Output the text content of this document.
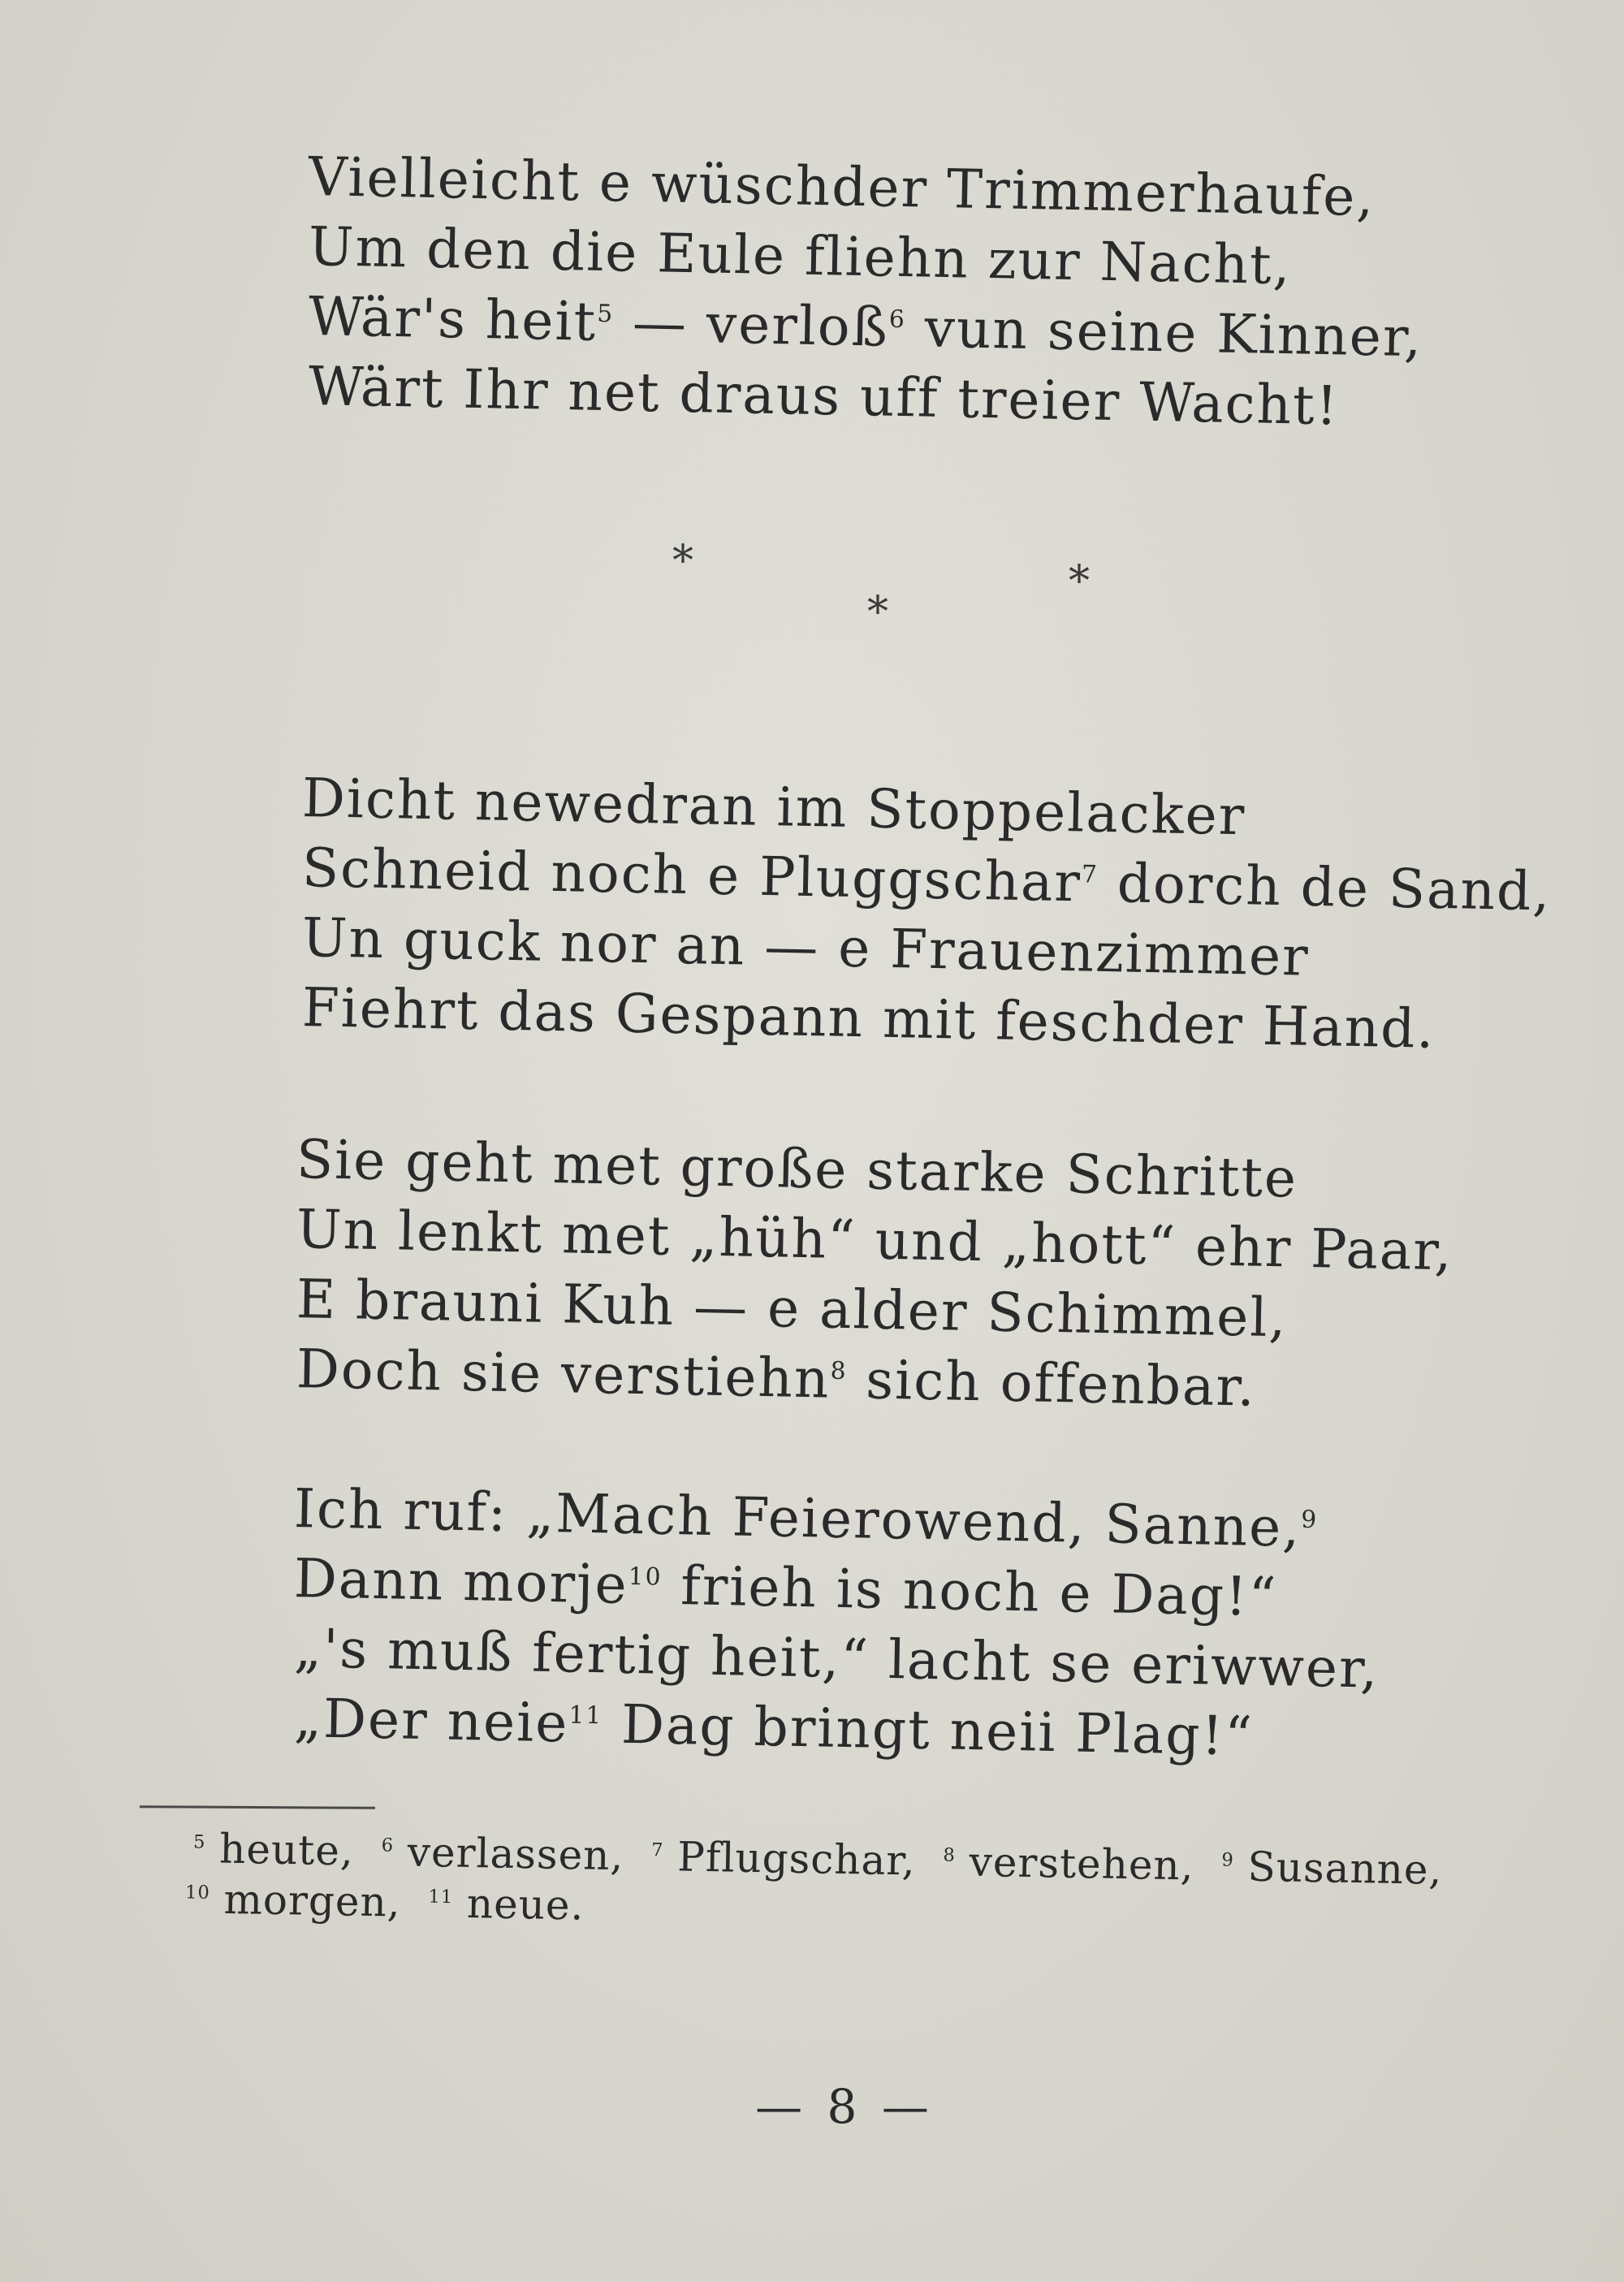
Vielleicht e wüschder Trimmerhaufe,
Um den die Eule fliehn zur Nacht,
Wär's heit$^5$ — verloß$^6$ vun seine Kinner,
Wärt Ihr net draus uff treier Wacht!
*
*
*
Dicht newedran im Stoppelacker
Schneid noch e Pluggschar$^7$ dorch de Sand,
Un guck nor an — e Frauenzimmer
Fiehrt das Gespann mit feschder Hand.
Sie geht met große starke Schritte
Un lenkt met „hüh“ und „hott“ ehr Paar,
E brauni Kuh — e alder Schimmel,
Doch sie verstiehn$^8$ sich offenbar.
Ich ruf: „Mach Feierowend, Sanne,$^9$
Dann morje$^{10}$ frieh is noch e Dag!“
„'s muß fertig heit,“ lacht se eriwwer,
„Der neie$^{11}$ Dag bringt neii Plag!“
$^5$ heute, $^6$ verlassen, $^7$ Pflugschar, $^8$ verstehen, $^9$ Susanne,
$^{10}$ morgen, $^{11}$ neue.
— 8 —
